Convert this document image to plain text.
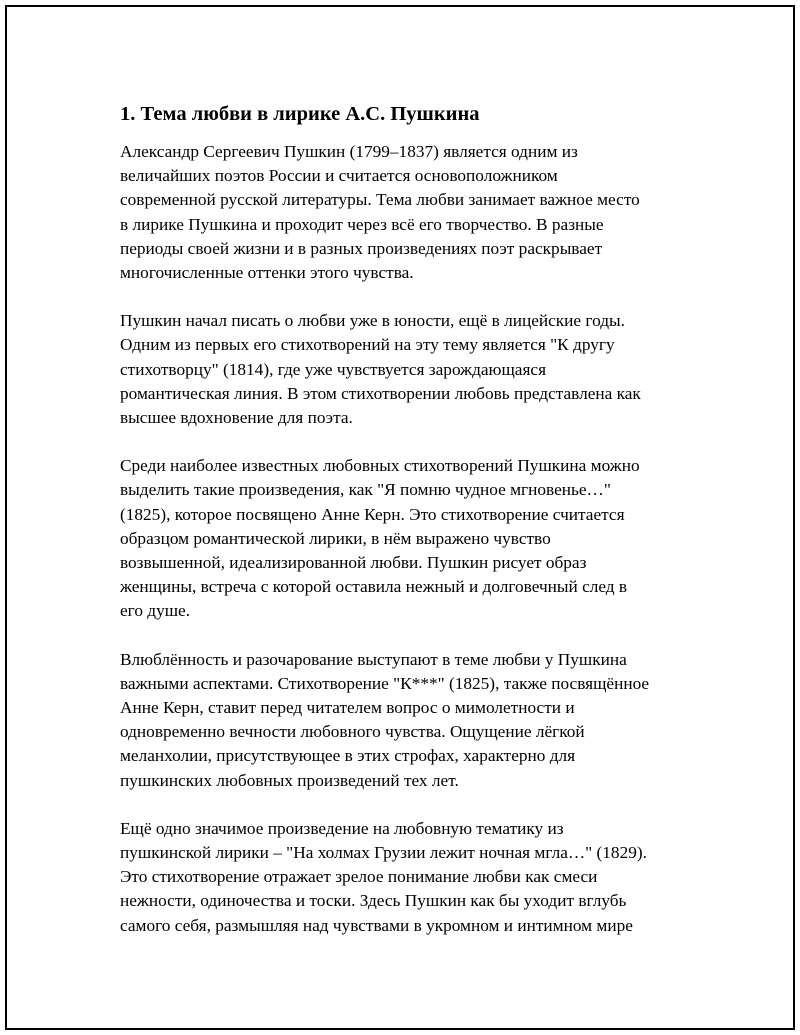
1. Тема любви в лирике А.С. Пушкина
Александр Сергеевич Пушкин (1799–1837) является одним из
величайших поэтов России и считается основоположником
современной русской литературы. Тема любви занимает важное место
в лирике Пушкина и проходит через всё его творчество. В разные
периоды своей жизни и в разных произведениях поэт раскрывает
многочисленные оттенки этого чувства.
Пушкин начал писать о любви уже в юности, ещё в лицейские годы.
Одним из первых его стихотворений на эту тему является "К другу
стихотворцу" (1814), где уже чувствуется зарождающаяся
романтическая линия. В этом стихотворении любовь представлена как
высшее вдохновение для поэта.
Среди наиболее известных любовных стихотворений Пушкина можно
выделить такие произведения, как "Я помню чудное мгновенье…"
(1825), которое посвящено Анне Керн. Это стихотворение считается
образцом романтической лирики, в нём выражено чувство
возвышенной, идеализированной любви. Пушкин рисует образ
женщины, встреча с которой оставила нежный и долговечный след в
его душе.
Влюблённость и разочарование выступают в теме любви у Пушкина
важными аспектами. Стихотворение "К***" (1825), также посвящённое
Анне Керн, ставит перед читателем вопрос о мимолетности и
одновременно вечности любовного чувства. Ощущение лёгкой
меланхолии, присутствующее в этих строфах, характерно для
пушкинских любовных произведений тех лет.
Ещё одно значимое произведение на любовную тематику из
пушкинской лирики – "На холмах Грузии лежит ночная мгла…" (1829).
Это стихотворение отражает зрелое понимание любви как смеси
нежности, одиночества и тоски. Здесь Пушкин как бы уходит вглубь
самого себя, размышляя над чувствами в укромном и интимном мире
